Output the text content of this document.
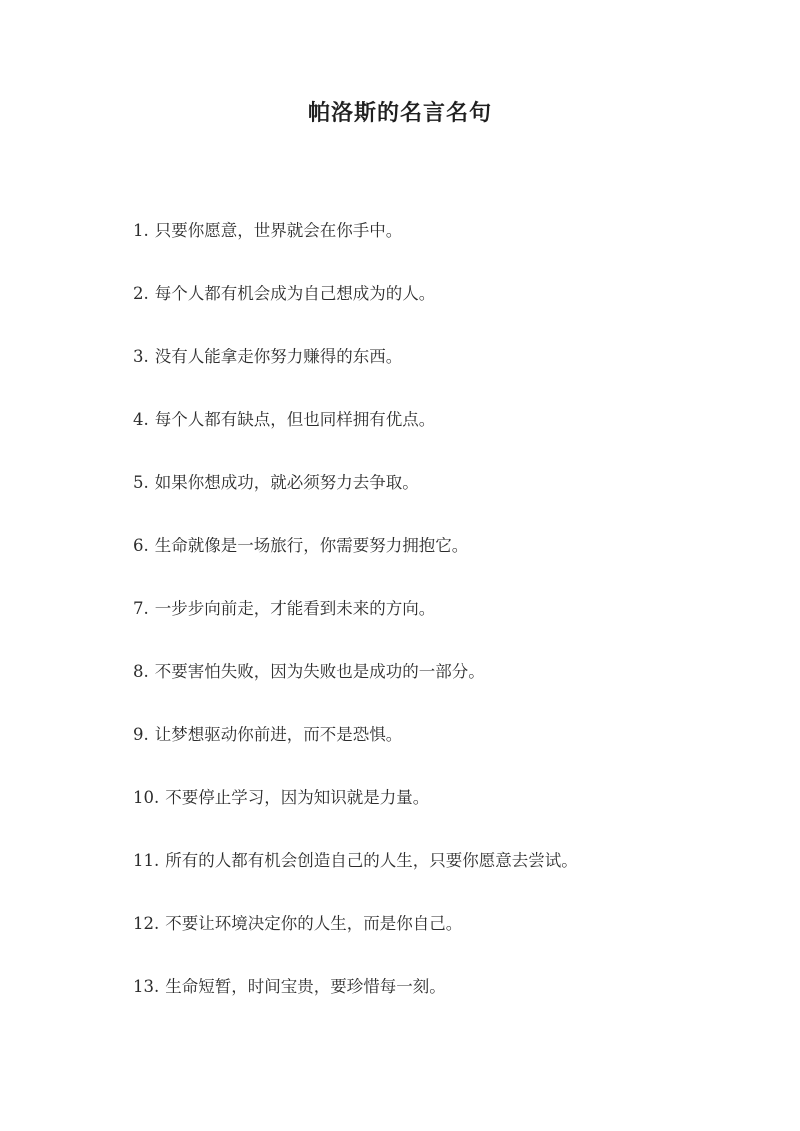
帕洛斯的名言名句
1. 只要你愿意，世界就会在你手中。
2. 每个人都有机会成为自己想成为的人。
3. 没有人能拿走你努力赚得的东西。
4. 每个人都有缺点，但也同样拥有优点。
5. 如果你想成功，就必须努力去争取。
6. 生命就像是一场旅行，你需要努力拥抱它。
7. 一步步向前走，才能看到未来的方向。
8. 不要害怕失败，因为失败也是成功的一部分。
9. 让梦想驱动你前进，而不是恐惧。
10. 不要停止学习，因为知识就是力量。
11. 所有的人都有机会创造自己的人生，只要你愿意去尝试。
12. 不要让环境决定你的人生，而是你自己。
13. 生命短暂，时间宝贵，要珍惜每一刻。
